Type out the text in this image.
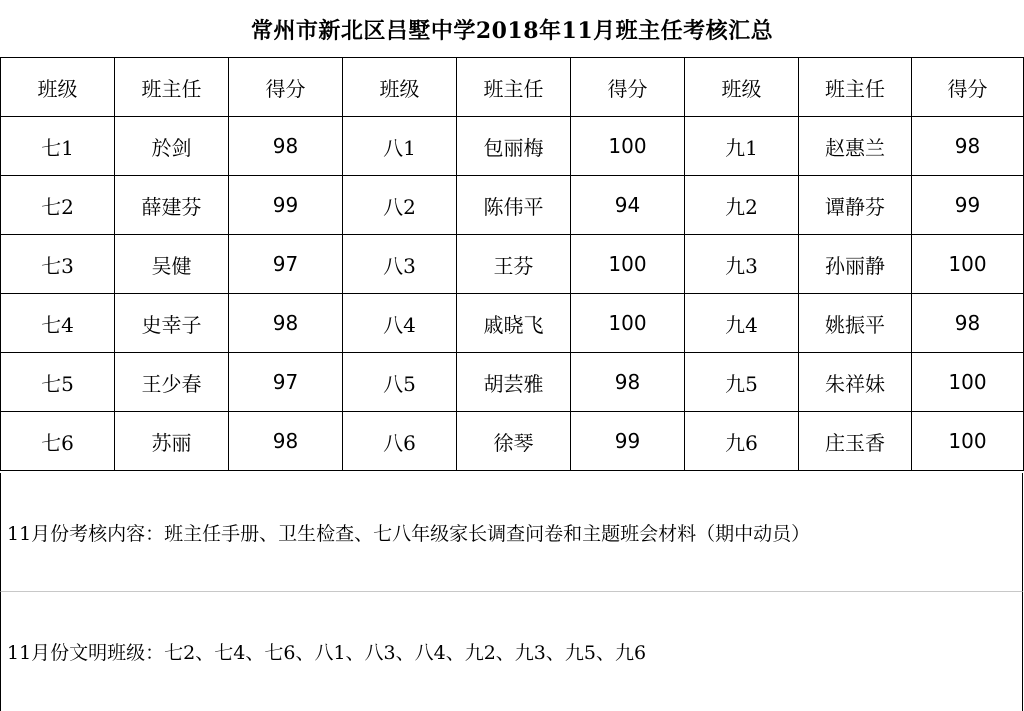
常州市新北区吕墅中学2018年11月班主任考核汇总
班级	班主任	得分	班级	班主任	得分	班级	班主任	得分
七1	於剑	98	八1	包丽梅	100	九1	赵惠兰	98
七2	薛建芬	99	八2	陈伟平	94	九2	谭静芬	99
七3	吴健	97	八3	王芬	100	九3	孙丽静	100
七4	史幸子	98	八4	戚晓飞	100	九4	姚振平	98
七5	王少春	97	八5	胡芸雅	98	九5	朱祥妹	100
七6	苏丽	98	八6	徐琴	99	九6	庄玉香	100
11月份考核内容：班主任手册、卫生检查、七八年级家长调查问卷和主题班会材料（期中动员）
11月份文明班级：七2、七4、七6、八1、八3、八4、九2、九3、九5、九6
